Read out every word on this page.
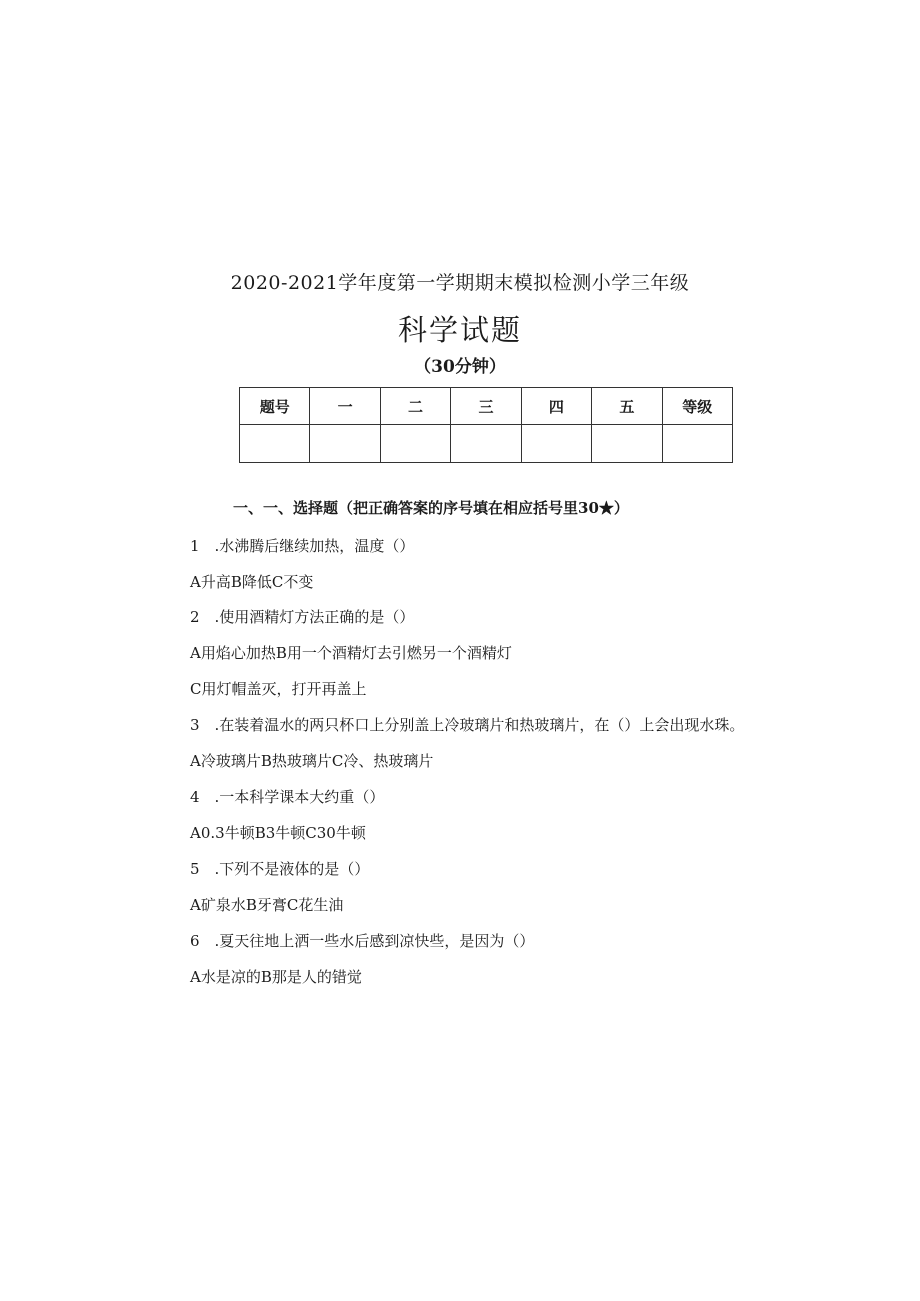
2020-2021学年度第一学期期末模拟检测小学三年级
科学试题
（30分钟）
题号	一	二	三	四	五	等级

一、一、选择题（把正确答案的序号填在相应括号里30★）
1　.水沸腾后继续加热，温度（）
A升高B降低C不变
2　.使用酒精灯方法正确的是（）
A用焰心加热B用一个酒精灯去引燃另一个酒精灯
C用灯帽盖灭，打开再盖上
3　.在装着温水的两只杯口上分别盖上冷玻璃片和热玻璃片，在（）上会出现水珠。
A冷玻璃片B热玻璃片C冷、热玻璃片
4　.一本科学课本大约重（）
A0.3牛顿B3牛顿C30牛顿
5　.下列不是液体的是（）
A矿泉水B牙膏C花生油
6　.夏天往地上洒一些水后感到凉快些，是因为（）
A水是凉的B那是人的错觉
